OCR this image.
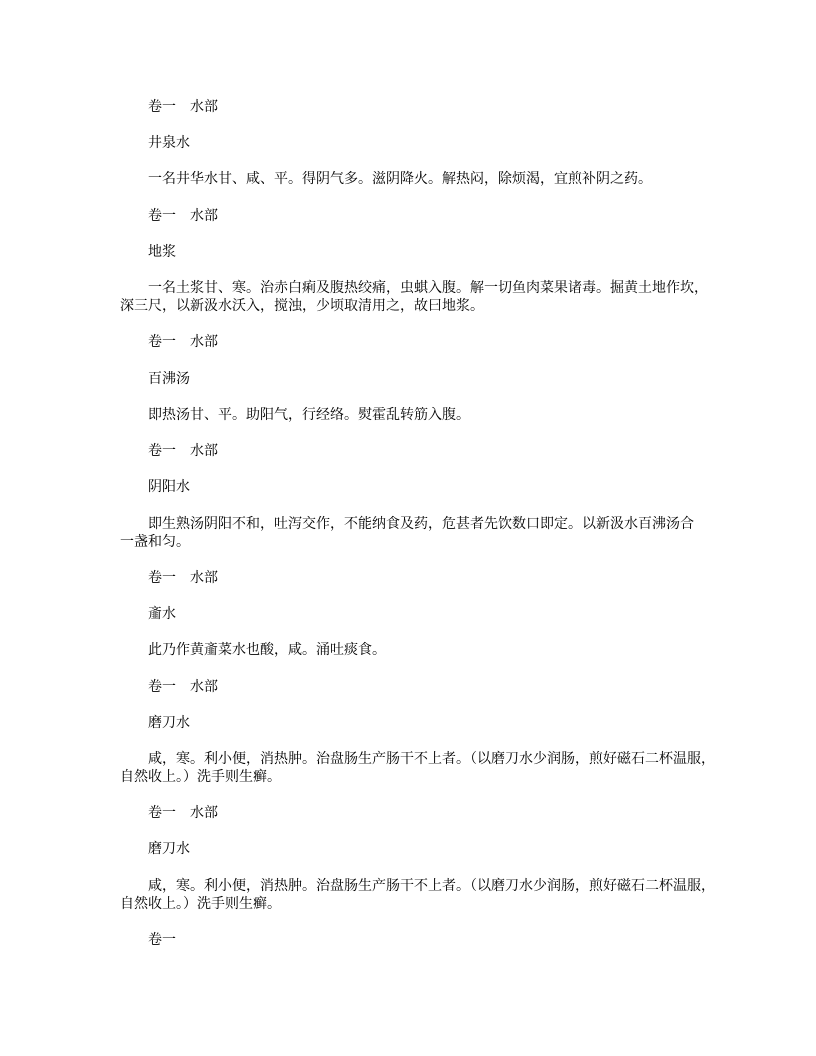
卷一　水部
井泉水
一名井华水甘、咸、平。得阴气多。滋阴降火。解热闷，除烦渴，宜煎补阴之药。
卷一　水部
地浆
一名土浆甘、寒。治赤白痢及腹热绞痛，虫蜞入腹。解一切鱼肉菜果诸毒。掘黄土地作坎，
深三尺，以新汲水沃入，搅浊，少顷取清用之，故曰地浆。
卷一　水部
百沸汤
即热汤甘、平。助阳气，行经络。熨霍乱转筋入腹。
卷一　水部
阴阳水
即生熟汤阴阳不和，吐泻交作，不能纳食及药，危甚者先饮数口即定。以新汲水百沸汤合
一盏和匀。
卷一　水部
齑水
此乃作黄齑菜水也酸，咸。涌吐痰食。
卷一　水部
磨刀水
咸，寒。利小便，消热肿。治盘肠生产肠干不上者。（以磨刀水少润肠，煎好磁石二杯温服，
自然收上。）洗手则生癣。
卷一　水部
磨刀水
咸，寒。利小便，消热肿。治盘肠生产肠干不上者。（以磨刀水少润肠，煎好磁石二杯温服，
自然收上。）洗手则生癣。
卷一
